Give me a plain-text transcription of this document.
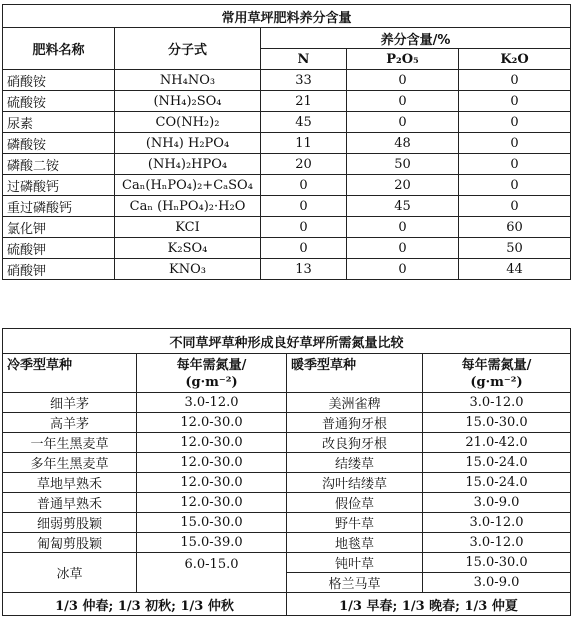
常用草坪肥料养分含量				
肥料名称	分子式	养分含量/%		
		N	P₂O₅	K₂O
硝酸铵	NH₄NO₃	33	0	0
硫酸铵	(NH₄)₂SO₄	21	0	0
尿素	CO(NH₂)₂	45	0	0
磷酸铵	(NH₄) H₂PO₄	11	48	0
磷酸二铵	(NH₄)₂HPO₄	20	50	0
过磷酸钙	Caₙ(HₙPO₄)₂+CₐSO₄	0	20	0
重过磷酸钙	Caₙ (HₙPO₄)₂·H₂O	0	45	0
氯化钾	KCI	0	0	60
硫酸钾	K₂SO₄	0	0	50
硝酸钾	KNO₃	13	0	44
不同草坪草种形成良好草坪所需氮量比较			
冷季型草种	每年需氮量/	暖季型草种	每年需氮量/
	(g·m⁻²)		(g·m⁻²)
细羊茅	3.0-12.0	美洲雀稗	3.0-12.0
高羊茅	12.0-30.0	普通狗牙根	15.0-30.0
一年生黑麦草	12.0-30.0	改良狗牙根	21.0-42.0
多年生黑麦草	12.0-30.0	结缕草	15.0-24.0
草地早熟禾	12.0-30.0	沟叶结缕草	15.0-24.0
普通早熟禾	12.0-30.0	假俭草	3.0-9.0
细弱剪股颖	15.0-30.0	野牛草	3.0-12.0
匍匐剪股颖	15.0-39.0	地毯草	3.0-12.0
冰草	6.0-15.0	钝叶草	15.0-30.0
		格兰马草	3.0-9.0
1/3 仲春; 1/3 初秋; 1/3 仲秋		1/3 早春; 1/3 晚春; 1/3 仲夏	
